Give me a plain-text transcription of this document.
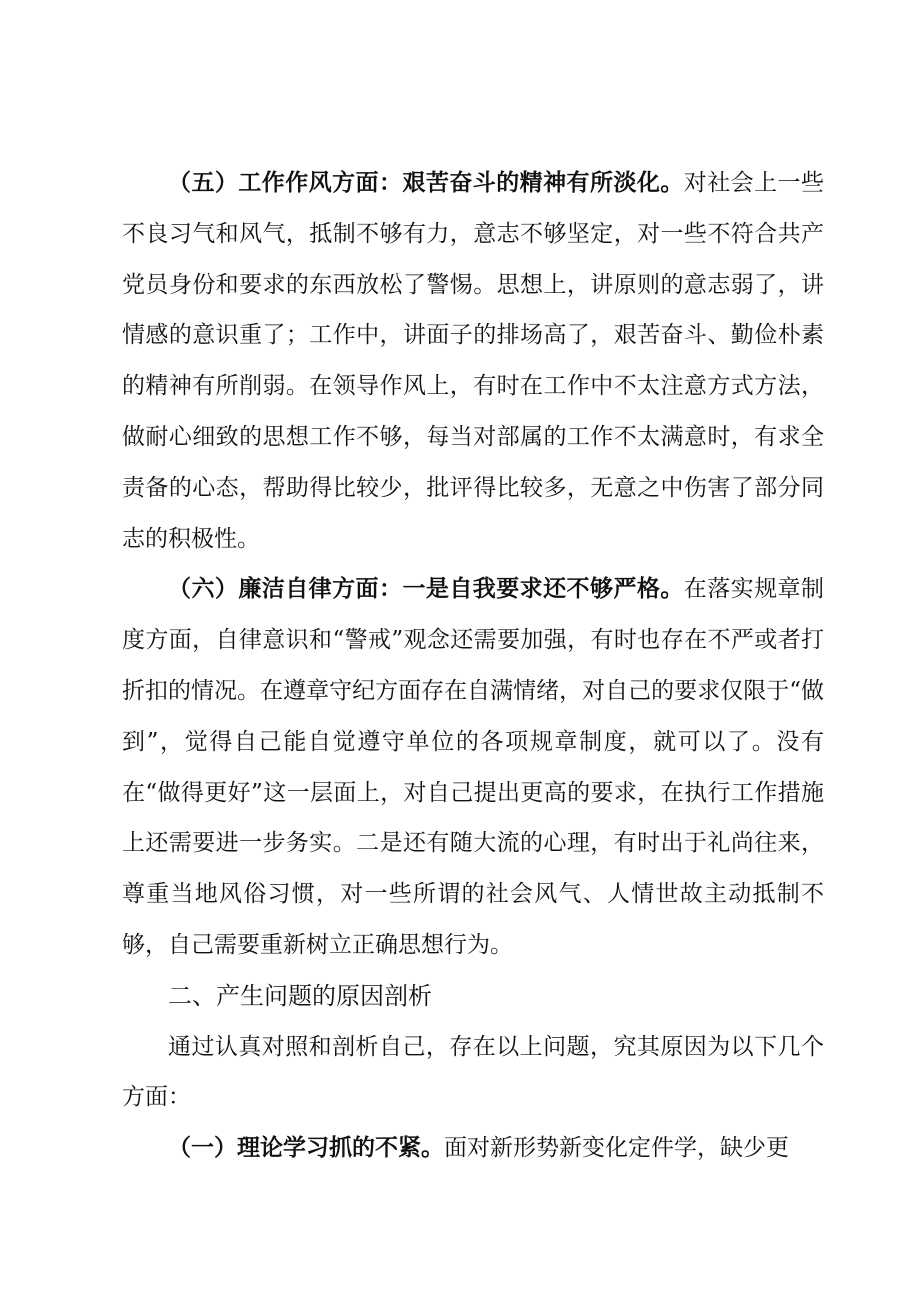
（五）工作作风方面：艰苦奋斗的精神有所淡化。对社会上一些不良习气和风气，抵制不够有力，意志不够坚定，对一些不符合共产党员身份和要求的东西放松了警惕。思想上，讲原则的意志弱了，讲情感的意识重了；工作中，讲面子的排场高了，艰苦奋斗、勤俭朴素的精神有所削弱。在领导作风上，有时在工作中不太注意方式方法，做耐心细致的思想工作不够，每当对部属的工作不太满意时，有求全责备的心态，帮助得比较少，批评得比较多，无意之中伤害了部分同志的积极性。

（六）廉洁自律方面：一是自我要求还不够严格。在落实规章制度方面，自律意识和“警戒”观念还需要加强，有时也存在不严或者打折扣的情况。在遵章守纪方面存在自满情绪，对自己的要求仅限于“做到”，觉得自己能自觉遵守单位的各项规章制度，就可以了。没有在“做得更好”这一层面上，对自己提出更高的要求，在执行工作措施上还需要进一步务实。二是还有随大流的心理，有时出于礼尚往来，尊重当地风俗习惯，对一些所谓的社会风气、人情世故主动抵制不够，自己需要重新树立正确思想行为。

二、产生问题的原因剖析

通过认真对照和剖析自己，存在以上问题，究其原因为以下几个方面：

（一）理论学习抓的不紧。面对新形势新变化定件学，缺少更
